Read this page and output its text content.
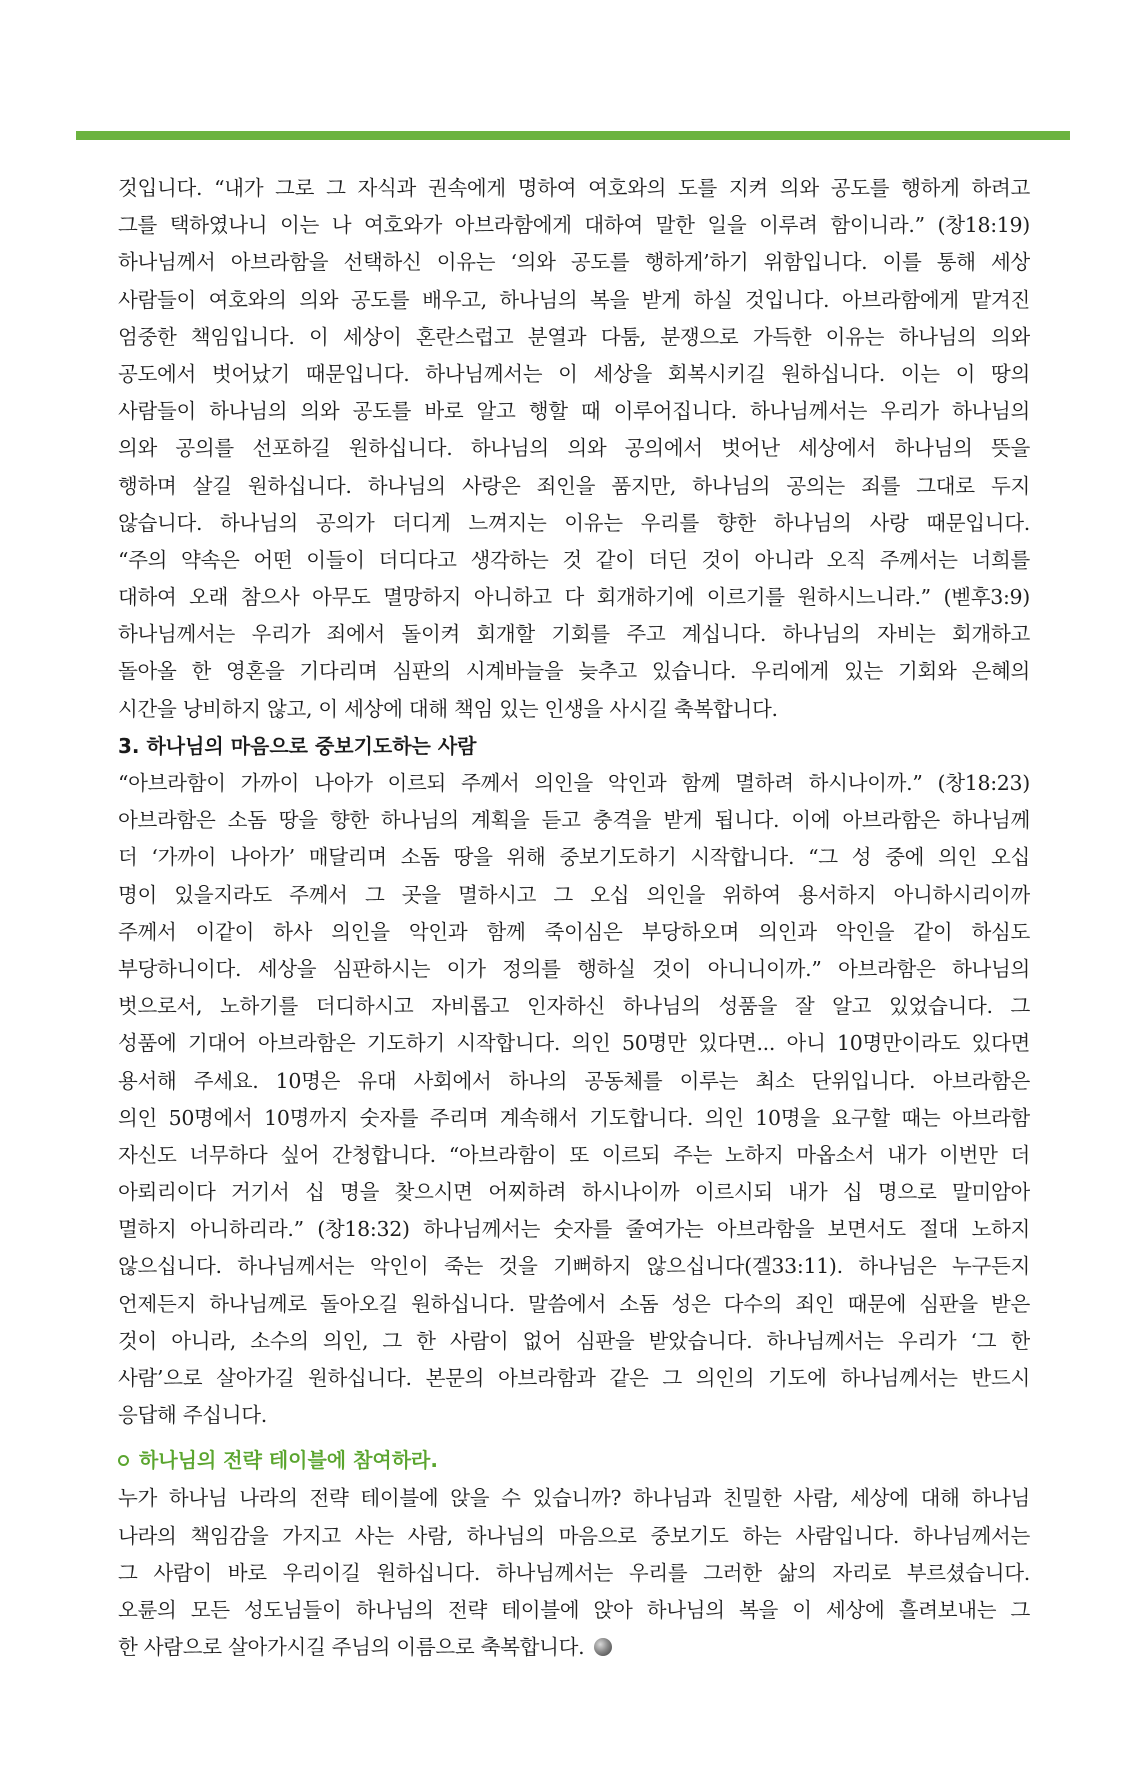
것입니다. “내가 그로 그 자식과 권속에게 명하여 여호와의 도를 지켜 의와 공도를 행하게 하려고
그를 택하였나니 이는 나 여호와가 아브라함에게 대하여 말한 일을 이루려 함이니라.” (창18:19)
하나님께서 아브라함을 선택하신 이유는 ‘의와 공도를 행하게’하기 위함입니다. 이를 통해 세상
사람들이 여호와의 의와 공도를 배우고, 하나님의 복을 받게 하실 것입니다. 아브라함에게 맡겨진
엄중한 책임입니다. 이 세상이 혼란스럽고 분열과 다툼, 분쟁으로 가득한 이유는 하나님의 의와
공도에서 벗어났기 때문입니다. 하나님께서는 이 세상을 회복시키길 원하십니다. 이는 이 땅의
사람들이 하나님의 의와 공도를 바로 알고 행할 때 이루어집니다. 하나님께서는 우리가 하나님의
의와 공의를 선포하길 원하십니다. 하나님의 의와 공의에서 벗어난 세상에서 하나님의 뜻을
행하며 살길 원하십니다. 하나님의 사랑은 죄인을 품지만, 하나님의 공의는 죄를 그대로 두지
않습니다. 하나님의 공의가 더디게 느껴지는 이유는 우리를 향한 하나님의 사랑 때문입니다.
“주의 약속은 어떤 이들이 더디다고 생각하는 것 같이 더딘 것이 아니라 오직 주께서는 너희를
대하여 오래 참으사 아무도 멸망하지 아니하고 다 회개하기에 이르기를 원하시느니라.” (벧후3:9)
하나님께서는 우리가 죄에서 돌이켜 회개할 기회를 주고 계십니다. 하나님의 자비는 회개하고
돌아올 한 영혼을 기다리며 심판의 시계바늘을 늦추고 있습니다. 우리에게 있는 기회와 은혜의
시간을 낭비하지 않고, 이 세상에 대해 책임 있는 인생을 사시길 축복합니다.
3. 하나님의 마음으로 중보기도하는 사람
“아브라함이 가까이 나아가 이르되 주께서 의인을 악인과 함께 멸하려 하시나이까.” (창18:23)
아브라함은 소돔 땅을 향한 하나님의 계획을 듣고 충격을 받게 됩니다. 이에 아브라함은 하나님께
더 ‘가까이 나아가’ 매달리며 소돔 땅을 위해 중보기도하기 시작합니다. “그 성 중에 의인 오십
명이 있을지라도 주께서 그 곳을 멸하시고 그 오십 의인을 위하여 용서하지 아니하시리이까
주께서 이같이 하사 의인을 악인과 함께 죽이심은 부당하오며 의인과 악인을 같이 하심도
부당하니이다. 세상을 심판하시는 이가 정의를 행하실 것이 아니니이까.” 아브라함은 하나님의
벗으로서, 노하기를 더디하시고 자비롭고 인자하신 하나님의 성품을 잘 알고 있었습니다. 그
성품에 기대어 아브라함은 기도하기 시작합니다. 의인 50명만 있다면... 아니 10명만이라도 있다면
용서해 주세요. 10명은 유대 사회에서 하나의 공동체를 이루는 최소 단위입니다. 아브라함은
의인 50명에서 10명까지 숫자를 주리며 계속해서 기도합니다. 의인 10명을 요구할 때는 아브라함
자신도 너무하다 싶어 간청합니다. “아브라함이 또 이르되 주는 노하지 마옵소서 내가 이번만 더
아뢰리이다 거기서 십 명을 찾으시면 어찌하려 하시나이까 이르시되 내가 십 명으로 말미암아
멸하지 아니하리라.” (창18:32) 하나님께서는 숫자를 줄여가는 아브라함을 보면서도 절대 노하지
않으십니다. 하나님께서는 악인이 죽는 것을 기뻐하지 않으십니다(겔33:11). 하나님은 누구든지
언제든지 하나님께로 돌아오길 원하십니다. 말씀에서 소돔 성은 다수의 죄인 때문에 심판을 받은
것이 아니라, 소수의 의인, 그 한 사람이 없어 심판을 받았습니다. 하나님께서는 우리가 ‘그 한
사람’으로 살아가길 원하십니다. 본문의 아브라함과 같은 그 의인의 기도에 하나님께서는 반드시
응답해 주십니다.
하나님의 전략 테이블에 참여하라.
누가 하나님 나라의 전략 테이블에 앉을 수 있습니까? 하나님과 친밀한 사람, 세상에 대해 하나님
나라의 책임감을 가지고 사는 사람, 하나님의 마음으로 중보기도 하는 사람입니다. 하나님께서는
그 사람이 바로 우리이길 원하십니다. 하나님께서는 우리를 그러한 삶의 자리로 부르셨습니다.
오륜의 모든 성도님들이 하나님의 전략 테이블에 앉아 하나님의 복을 이 세상에 흘려보내는 그
한 사람으로 살아가시길 주님의 이름으로 축복합니다.
